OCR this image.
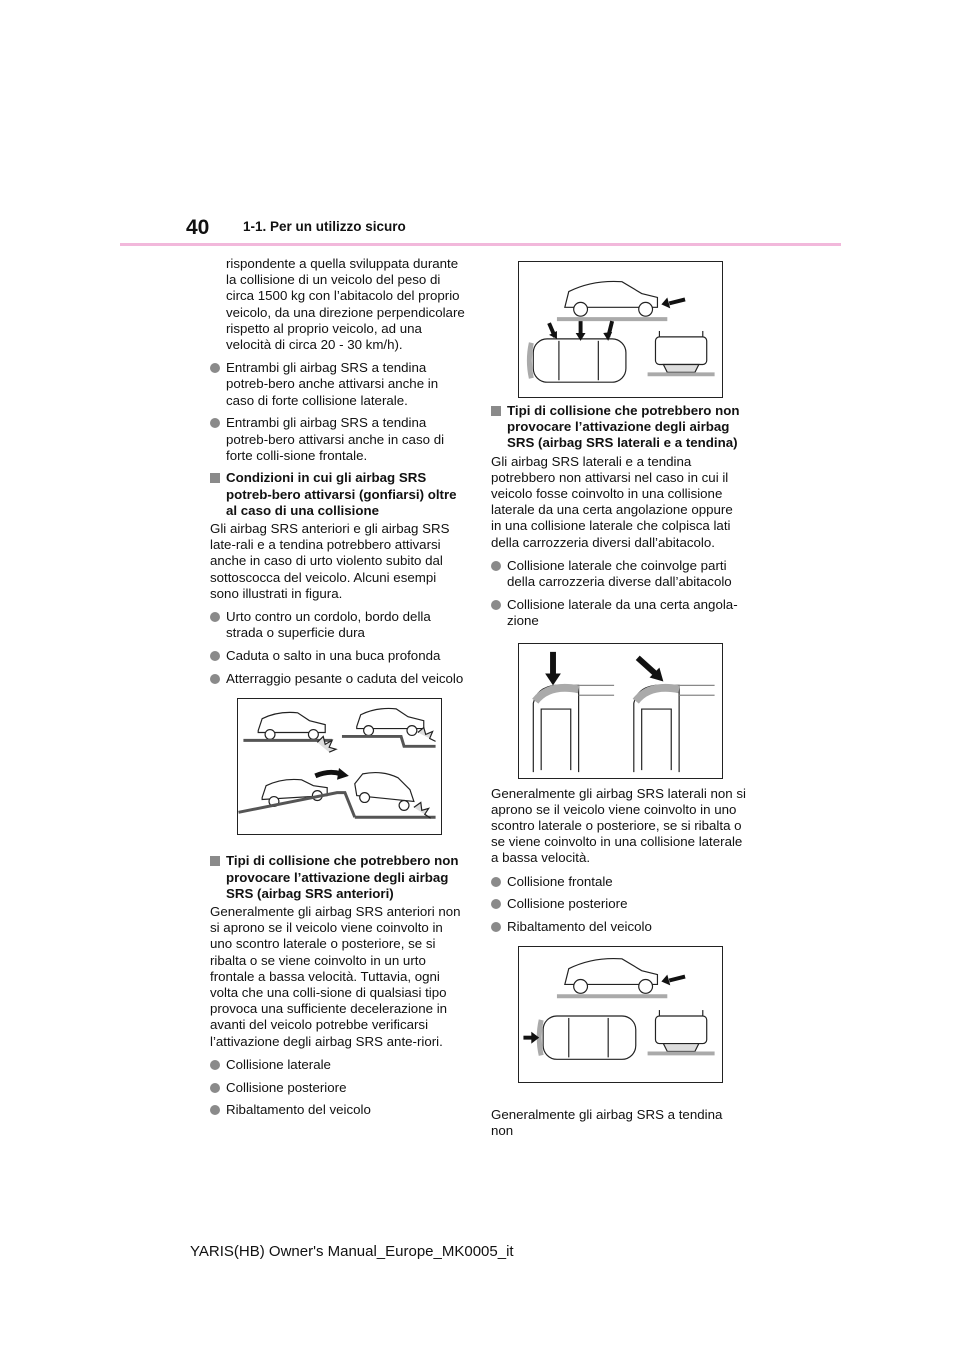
40 1-1. Per un utilizzo sicuro

rispondente a quella sviluppata durante la collisione di un veicolo del peso di circa 1500 kg con l’abitacolo del proprio veicolo, da una direzione perpendicolare rispetto al proprio veicolo, ad una velocità di circa 20 - 30 km/h).

Entrambi gli airbag SRS a tendina potreb-bero anche attivarsi anche in caso di forte collisione laterale.
Entrambi gli airbag SRS a tendina potreb-bero attivarsi anche in caso di forte colli-sione frontale.
Condizioni in cui gli airbag SRS potreb-bero attivarsi (gonfiarsi) oltre al caso di una collisione

Gli airbag SRS anteriori e gli airbag SRS late-rali e a tendina potrebbero attivarsi anche in caso di urto violento subito dal sottoscocca del veicolo. Alcuni esempi sono illustrati in figura.

Urto contro un cordolo, bordo della strada o superficie dura
Caduta o salto in una buca profonda
Atterraggio pesante o caduta del veicolo
Tipi di collisione che potrebbero non provocare l’attivazione degli airbag SRS (airbag SRS anteriori)

Generalmente gli airbag SRS anteriori non si aprono se il veicolo viene coinvolto in uno scontro laterale o posteriore, se si ribalta o se viene coinvolto in un urto frontale a bassa velocità. Tuttavia, ogni volta che una colli-sione di qualsiasi tipo provoca una sufficiente decelerazione in avanti del veicolo potrebbe verificarsi l’attivazione degli airbag SRS ante-riori.

Collisione laterale
Collisione posteriore
Ribaltamento del veicolo
Tipi di collisione che potrebbero non provocare l’attivazione degli airbag SRS (airbag SRS laterali e a tendina)

Gli airbag SRS laterali e a tendina potrebbero non attivarsi nel caso in cui il veicolo fosse coinvolto in una collisione laterale da una certa angolazione oppure in una collisione laterale che colpisca lati della carrozzeria diversi dall’abitacolo.

Collisione laterale che coinvolge parti della carrozzeria diverse dall’abitacolo
Collisione laterale da una certa angola-zione

Generalmente gli airbag SRS laterali non si aprono se il veicolo viene coinvolto in uno scontro laterale o posteriore, se si ribalta o se viene coinvolto in una collisione laterale a bassa velocità.

Collisione frontale
Collisione posteriore
Ribaltamento del veicolo

Generalmente gli airbag SRS a tendina non

YARIS(HB) Owner's Manual_Europe_MK0005_it
